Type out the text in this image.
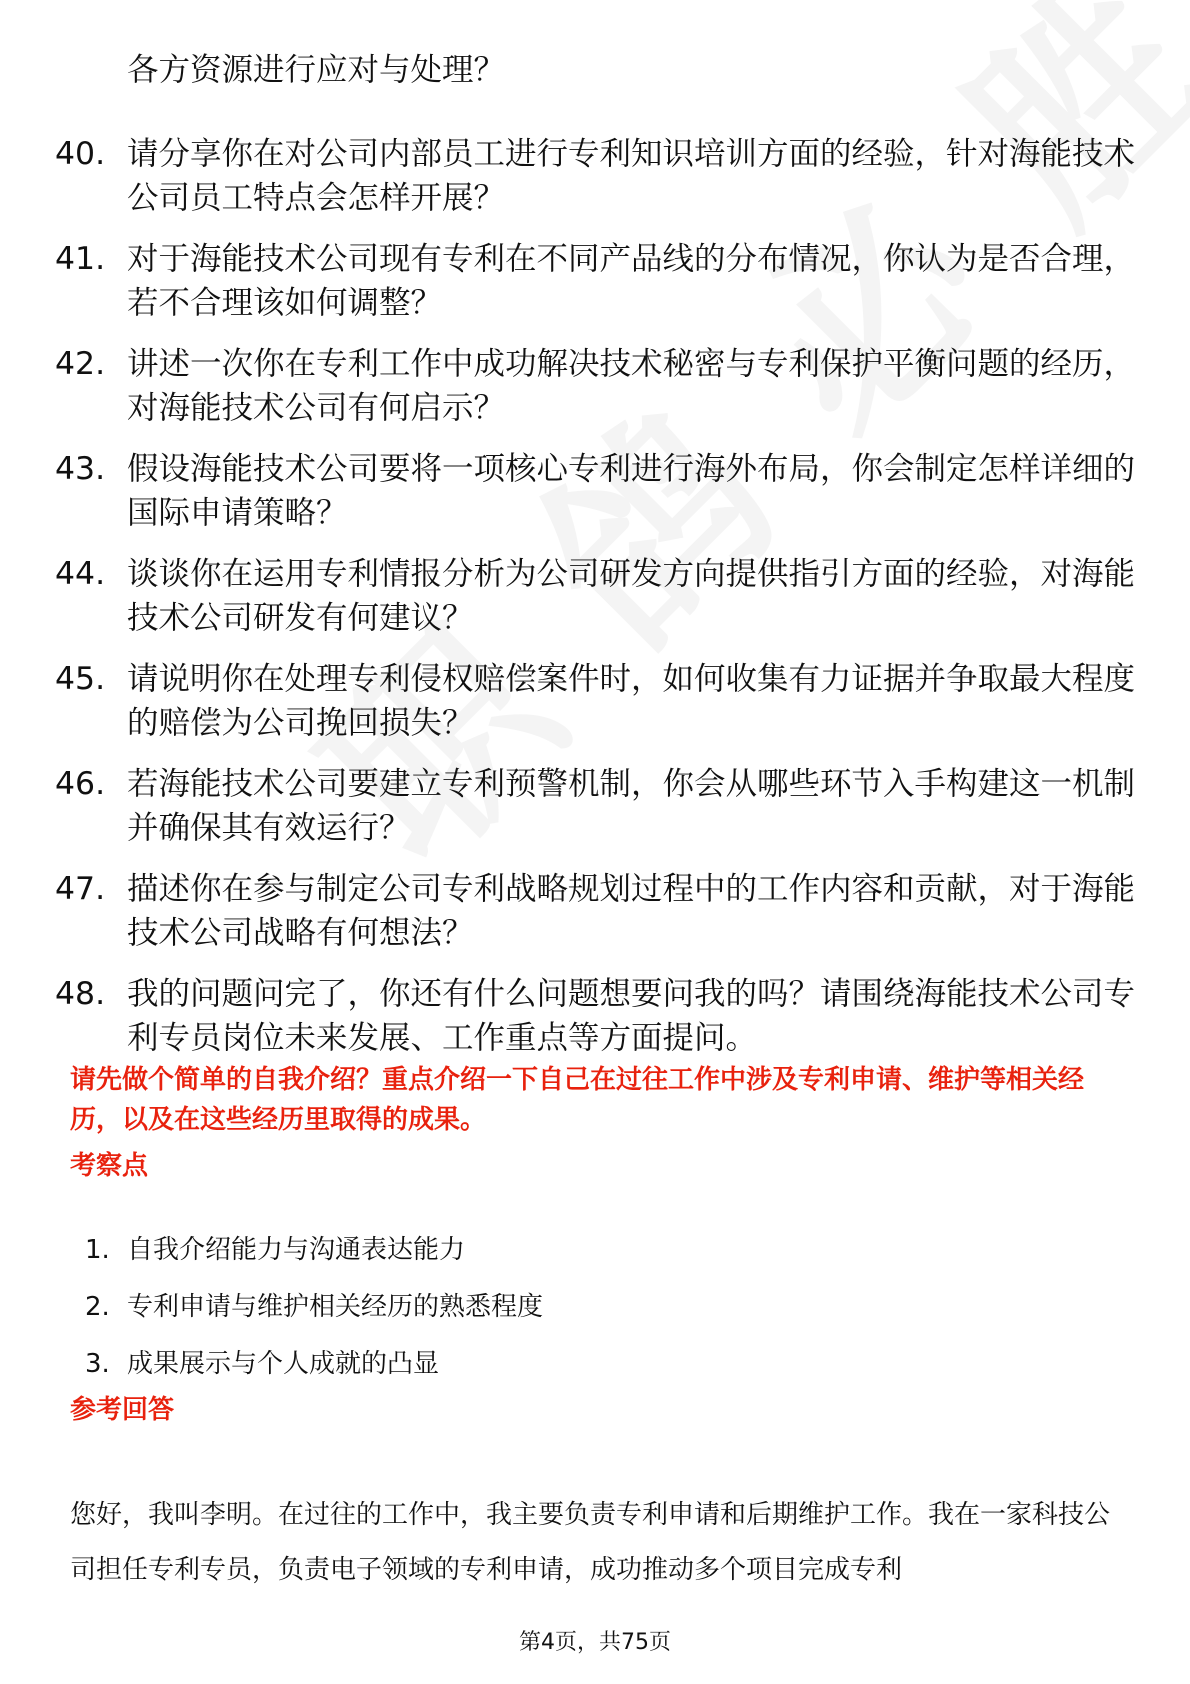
各方资源进行应对与处理？
40. 请分享你在对公司内部员工进行专利知识培训方面的经验，针对海能技术公司员工特点会怎样开展？
41. 对于海能技术公司现有专利在不同产品线的分布情况，你认为是否合理，若不合理该如何调整？
42. 讲述一次你在专利工作中成功解决技术秘密与专利保护平衡问题的经历，对海能技术公司有何启示？
43. 假设海能技术公司要将一项核心专利进行海外布局，你会制定怎样详细的国际申请策略？
44. 谈谈你在运用专利情报分析为公司研发方向提供指引方面的经验，对海能技术公司研发有何建议？
45. 请说明你在处理专利侵权赔偿案件时，如何收集有力证据并争取最大程度的赔偿为公司挽回损失？
46. 若海能技术公司要建立专利预警机制，你会从哪些环节入手构建这一机制并确保其有效运行？
47. 描述你在参与制定公司专利战略规划过程中的工作内容和贡献，对于海能技术公司战略有何想法？
48. 我的问题问完了，你还有什么问题想要问我的吗？请围绕海能技术公司专利专员岗位未来发展、工作重点等方面提问。

请先做个简单的自我介绍？重点介绍一下自己在过往工作中涉及专利申请、维护等相关经历，以及在这些经历里取得的成果。

考察点
1. 自我介绍能力与沟通表达能力
2. 专利申请与维护相关经历的熟悉程度
3. 成果展示与个人成就的凸显
参考回答

您好，我叫李明。在过往的工作中，我主要负责专利申请和后期维护工作。我在一家科技公司担任专利专员，负责电子领域的专利申请，成功推动多个项目完成专利

第4页，共75页
